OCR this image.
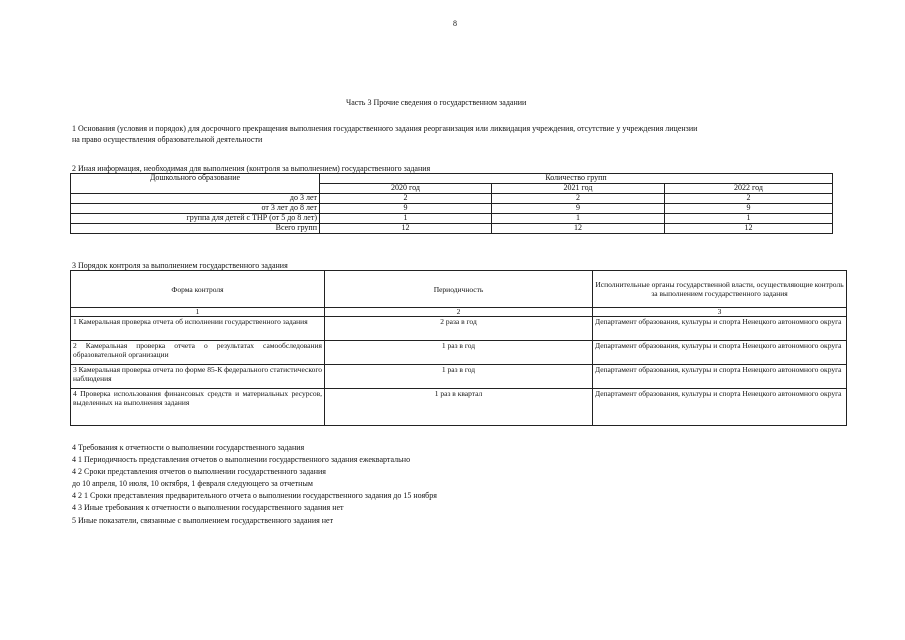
8
Часть 3 Прочие сведения о государственном задании
1 Основания (условия и порядок) для досрочного прекращения выполнения государственного задания реорганизация или ликвидация учреждения, отсутствие у учреждения лицензии
на право осуществления образовательной деятельности
2 Иная информация, необходимая для выполнения (контроля за выполнением) государственного задания
Дошкольного образование	Количество групп		
	2020 год	2021 год	2022 год
до 3 лет	2	2	2
от 3 лет до 8 лет	9	9	9
группа для детей с ТНР (от 5 до 8 лет)	1	1	1
Всего групп	12	12	12
3 Порядок контроля за выполнением государственного задания
Форма контроля	Периодичность	Исполнительные органы государственной власти, осуществляющие контроль за выполнением государственного задания
1	2	3
1 Камеральная проверка отчета об исполнении государственного задания	2 раза в год	Департамент образования, культуры и спорта Ненецкого автономного округа
2 Камеральная проверка отчета о результатах самообследования образовательной организации	1 раз в год	Департамент образования, культуры и спорта Ненецкого автономного округа
3 Камеральная проверка отчета по форме 85-К федерального статистического наблюдения	1 раз в год	Департамент образования, культуры и спорта Ненецкого автономного округа
4 Проверка использования финансовых средств и материальных ресурсов, выделенных на выполнения задания	1 раз в квартал	Департамент образования, культуры и спорта Ненецкого автономного округа
4 Требования к отчетности о выполнении государственного задания
4 1 Периодичность представления отчетов о выполнении государственного задания ежеквартально
4 2 Сроки представления отчетов о выполнении государственного задания
до 10 апреля, 10 июля, 10 октября, 1 февраля следующего за отчетным
4 2 1 Сроки представления предварительного отчета о выполнении государственного задания до 15 ноября
4 3 Иные требования к отчетности о выполнении государственного задания нет
5 Иные показатели, связанные с выполнением государственного задания нет
